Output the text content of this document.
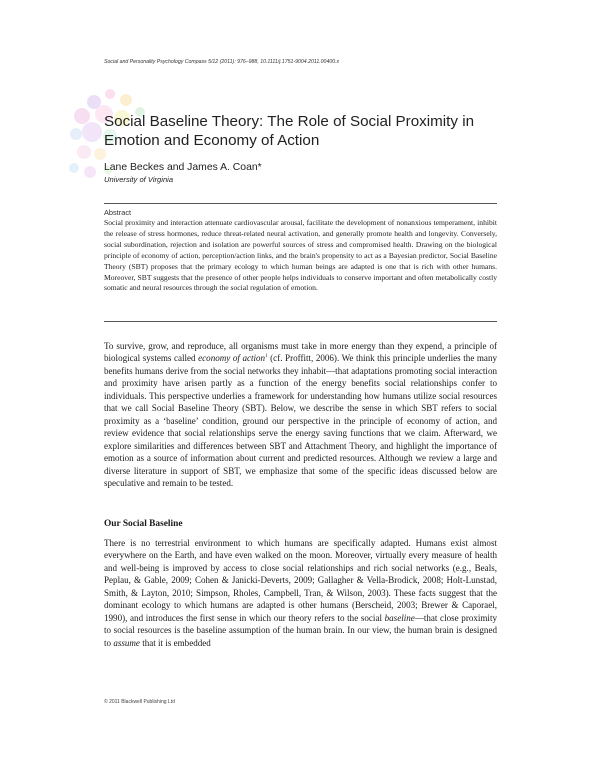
Social and Personality Psychology Compass 5/12 (2011): 976–988, 10.1111/j.1751-9004.2011.00400.x
Social Baseline Theory: The Role of Social Proximity in Emotion and Economy of Action
Lane Beckes and James A. Coan*
University of Virginia
Abstract

Social proximity and interaction attenuate cardiovascular arousal, facilitate the development of nonanxious temperament, inhibit the release of stress hormones, reduce threat-related neural activation, and generally promote health and longevity. Conversely, social subordination, rejection and isolation are powerful sources of stress and compromised health. Drawing on the biological principle of economy of action, perception/action links, and the brain's propensity to act as a Bayesian predictor, Social Baseline Theory (SBT) proposes that the primary ecology to which human beings are adapted is one that is rich with other humans. Moreover, SBT suggests that the presence of other people helps individuals to conserve important and often metabolically costly somatic and neural resources through the social regulation of emotion.

To survive, grow, and reproduce, all organisms must take in more energy than they expend, a principle of biological systems called economy of action$^1$ (cf. Proffitt, 2006). We think this principle underlies the many benefits humans derive from the social networks they inhabit—that adaptations promoting social interaction and proximity have arisen partly as a function of the energy benefits social relationships confer to individuals. This perspective underlies a framework for understanding how humans utilize social resources that we call Social Baseline Theory (SBT). Below, we describe the sense in which SBT refers to social proximity as a ‘baseline’ condition, ground our perspective in the principle of economy of action, and review evidence that social relationships serve the energy saving functions that we claim. Afterward, we explore similarities and differences between SBT and Attachment Theory, and highlight the importance of emotion as a source of information about current and predicted resources. Although we review a large and diverse literature in support of SBT, we emphasize that some of the specific ideas discussed below are speculative and remain to be tested.

Our Social Baseline

There is no terrestrial environment to which humans are specifically adapted. Humans exist almost everywhere on the Earth, and have even walked on the moon. Moreover, virtually every measure of health and well-being is improved by access to close social relationships and rich social networks (e.g., Beals, Peplau, & Gable, 2009; Cohen & Janicki-Deverts, 2009; Gallagher & Vella-Brodick, 2008; Holt-Lunstad, Smith, & Layton, 2010; Simpson, Rholes, Campbell, Tran, & Wilson, 2003). These facts suggest that the dominant ecology to which humans are adapted is other humans (Berscheid, 2003; Brewer & Caporael, 1990), and introduces the first sense in which our theory refers to the social baseline—that close proximity to social resources is the baseline assumption of the human brain. In our view, the human brain is designed to assume that it is embedded

© 2011 Blackwell Publishing Ltd
